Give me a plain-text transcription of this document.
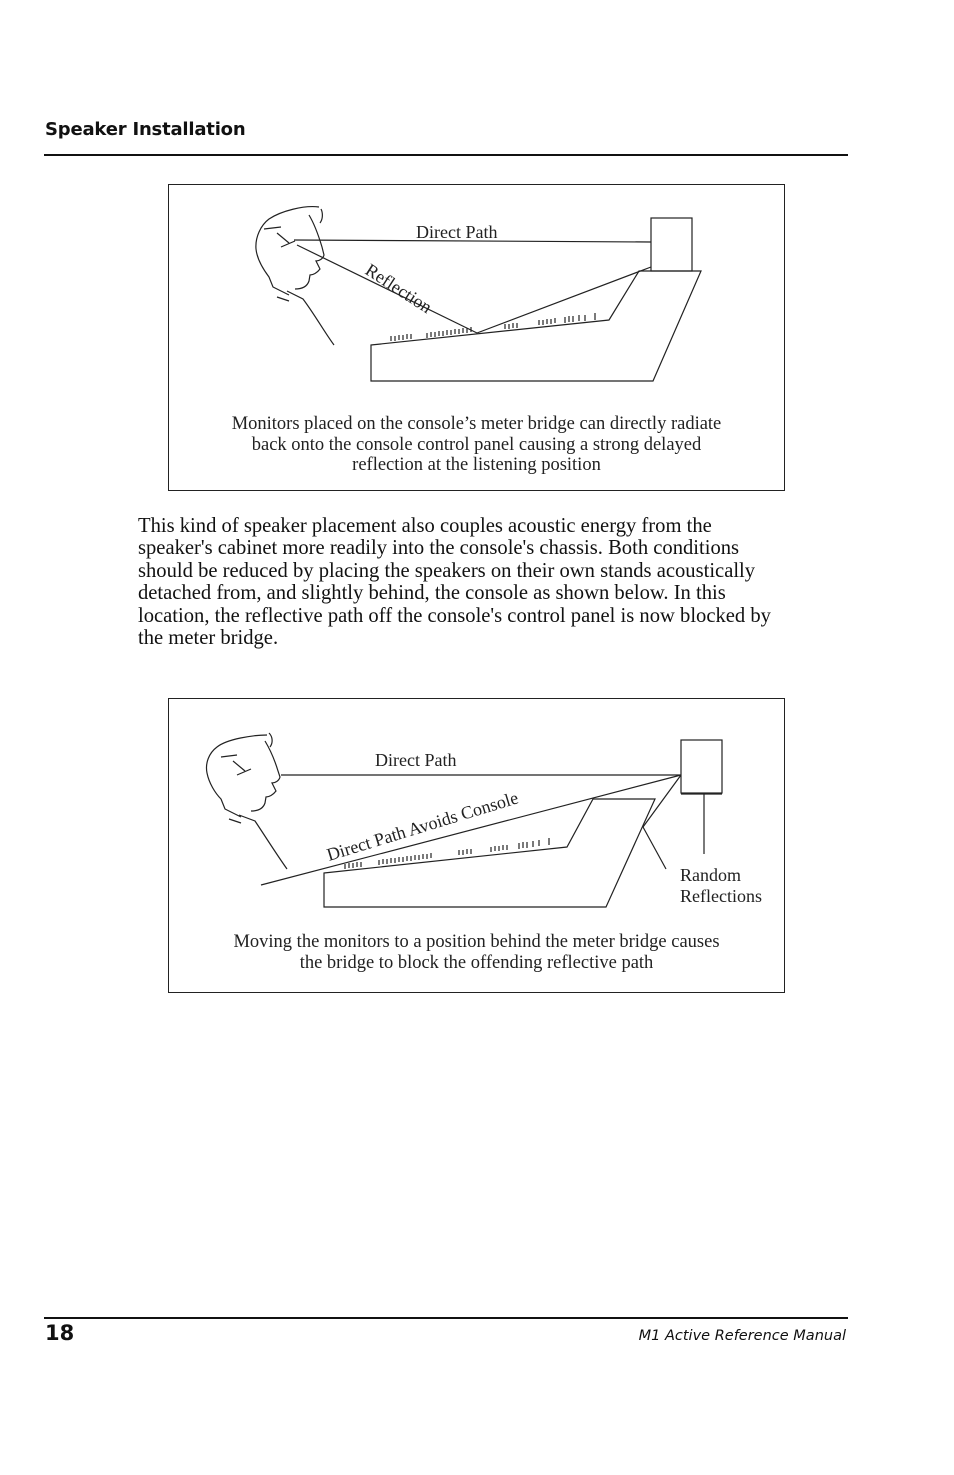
Speaker Installation
Direct Path
Reflection
Monitors placed on the console’s meter bridge can directly radiate
back onto the console control panel causing a strong delayed
reflection at the listening position
This kind of speaker placement also couples acoustic energy from the
speaker's cabinet more readily into the console's chassis. Both conditions
should be reduced by placing the speakers on their own stands acoustically
detached from, and slightly behind, the console as shown below. In this
location, the reflective path off the console's control panel is now blocked by
the meter bridge.
Direct Path
Direct Path Avoids Console
Random
Reflections
Moving the monitors to a position behind the meter bridge causes
the bridge to block the offending reflective path
18	M1 Active Reference Manual
